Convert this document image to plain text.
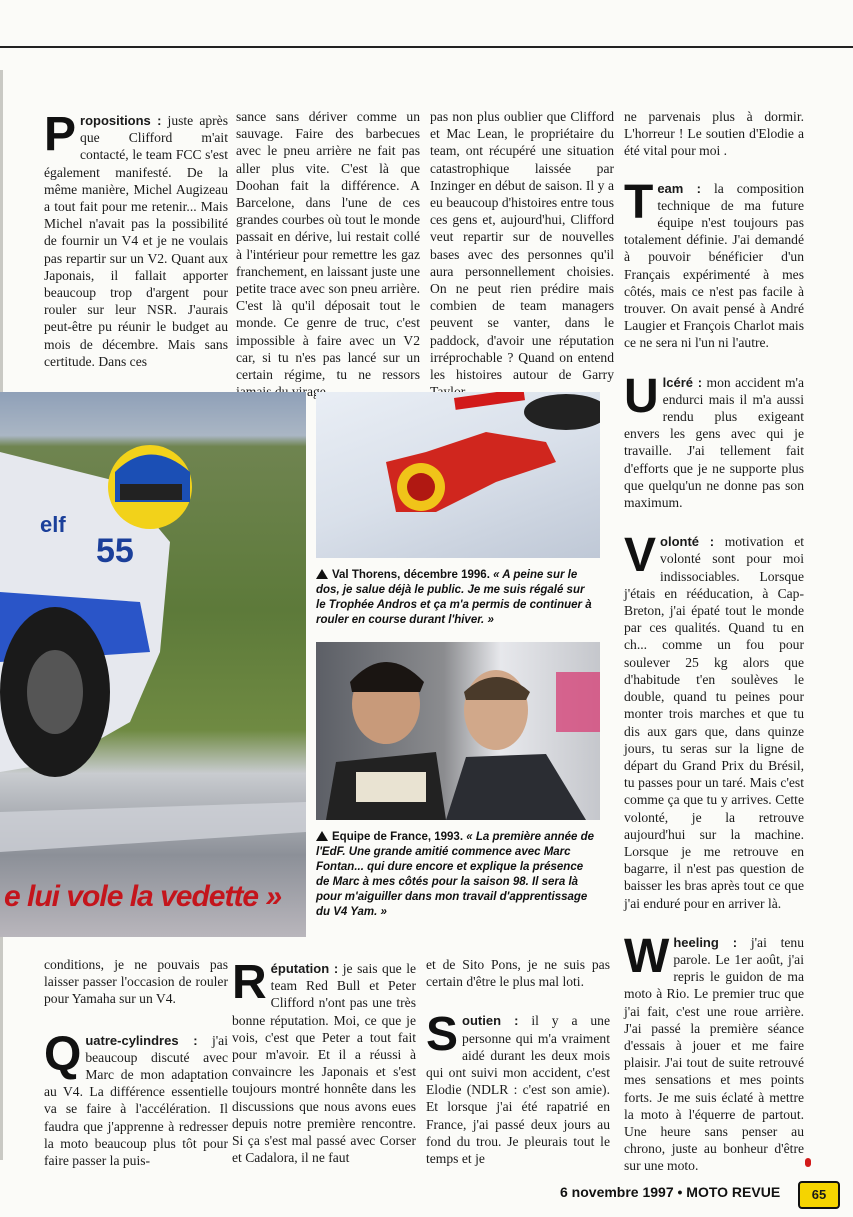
Propositions : juste après que Clifford m'ait contacté, le team FCC s'est également manifesté. De la même manière, Michel Augizeau a tout fait pour me retenir... Mais Michel n'avait pas la possibilité de fournir un V4 et je ne voulais pas repartir sur un V2. Quant aux Japonais, il fallait apporter beaucoup trop d'argent pour rouler sur leur NSR. J'aurais peut-être pu réunir le budget au mois de décembre. Mais sans certitude. Dans ces

sance sans dériver comme un sauvage. Faire des barbecues avec le pneu arrière ne fait pas aller plus vite. C'est là que Doohan fait la différence. A Barcelone, dans l'une de ces grandes courbes où tout le monde passait en dérive, lui restait collé à l'intérieur pour remettre les gaz franchement, en laissant juste une petite trace avec son pneu arrière. C'est là qu'il déposait tout le monde. Ce genre de truc, c'est impossible à faire avec un V2 car, si tu n'es pas lancé sur un certain régime, tu ne ressors virage.

pas non plus oublier que Clifford et Mac Lean, le propriétaire du team, ont récupéré une situation catastrophique laissée par Inzinger en début de saison. Il y a eu beaucoup d'histoires entre tous ces gens et, aujourd'hui, Clifford veut repartir sur de nouvelles bases avec des personnes qu'il aura personnellement choisies. On ne peut rien prédire mais combien de team managers peuvent se vanter, dans le paddock, d'avoir une réputation irréprochable ? Quand on entend les histoires autour de Garry

ne parvenais plus à dormir. L'horreur ! Le soutien d'Elodie a été vital pour moi .

Team : la composition technique de ma future équipe n'est toujours pas totalement définie. J'ai demandé à pouvoir bénéficier d'un Français expérimenté à mes côtés, mais ce n'est pas facile à trouver. On avait pensé à André Laugier et François Charlot mais ce ne sera ni l'un ni l'autre.

Ulcéré : mon accident m'a endurci mais il m'a aussi rendu plus exigeant envers les gens avec qui je travaille. J'ai tellement fait d'efforts que je ne supporte plus que quelqu'un ne donne pas son maximum.

Volonté : motivation et volonté sont pour moi indissociables. Lorsque j'étais en rééducation, à Cap-Breton, j'ai épaté tout le monde par ces qualités. Quand tu en ch... comme un fou pour soulever 25 kg alors que d'habitude t'en soulèves le double, quand tu peines pour monter trois marches et que tu dis aux gars que, dans quinze jours, tu seras sur la ligne de départ du Grand Prix du Brésil, tu passes pour un taré. Mais c'est comme ça que tu y arrives. Cette volonté, je la retrouve aujourd'hui sur la machine. Lorsque je me retrouve en bagarre, il n'est pas question de baisser les bras après tout ce que j'ai enduré pour en arriver là.

Wheeling : j'ai tenu parole. Le 1er août, j'ai repris le guidon de ma moto à Rio. Le premier truc que j'ai fait, c'est une roue arrière. J'ai passé la première séance d'essais à jouer et me faire plaisir. J'ai tout de suite retrouvé mes sensations et mes points forts. Je me suis éclaté à mettre la moto à l'équerre de partout. Une heure sans penser au chrono, juste au bonheur d'être sur une moto.

55
elf
Val Thorens, décembre 1996. « A peine sur le dos, je salue déjà le public. Je me suis régalé sur le Trophée Andros et ça m'a permis de continuer à rouler en course durant l'hiver. »
Equipe de France, 1993. « La première année de l'EdF. Une grande amitié commence avec Marc Fontan... qui dure encore et explique la présence de Marc à mes côtés pour la saison 98. Il sera là pour m'aiguiller dans mon travail d'apprentissage du V4 Yam. »
e lui vole la vedette »

conditions, je ne pouvais pas laisser passer l'occasion de rouler pour Yamaha sur un V4.

Quatre-cylindres : j'ai beaucoup discuté avec Marc de mon adaptation au V4. La différence essentielle va se faire à l'accélération. Il faudra que j'apprenne à redresser la moto beaucoup plus tôt pour faire passer la puis-

Réputation : je sais que le team Red Bull et Peter Clifford n'ont pas une très bonne réputation. Moi, ce que je vois, c'est que Peter a tout fait pour m'avoir. Et il a réussi à convaincre les Japonais et s'est toujours montré honnête dans les discussions que nous avons eues depuis notre première rencontre. Si ça s'est mal passé avec Corser et Cadalora, il ne faut

et de Sito Pons, je ne suis pas certain d'être le plus mal loti.

Soutien : il y a une personne qui m'a vraiment aidé durant les deux mois qui ont suivi mon accident, c'est Elodie (NDLR : c'est son amie). Et lorsque j'ai été rapatrié en France, j'ai passé deux jours au fond du trou. Je pleurais tout le temps et je

6 novembre 1997 • MOTO REVUE	65
